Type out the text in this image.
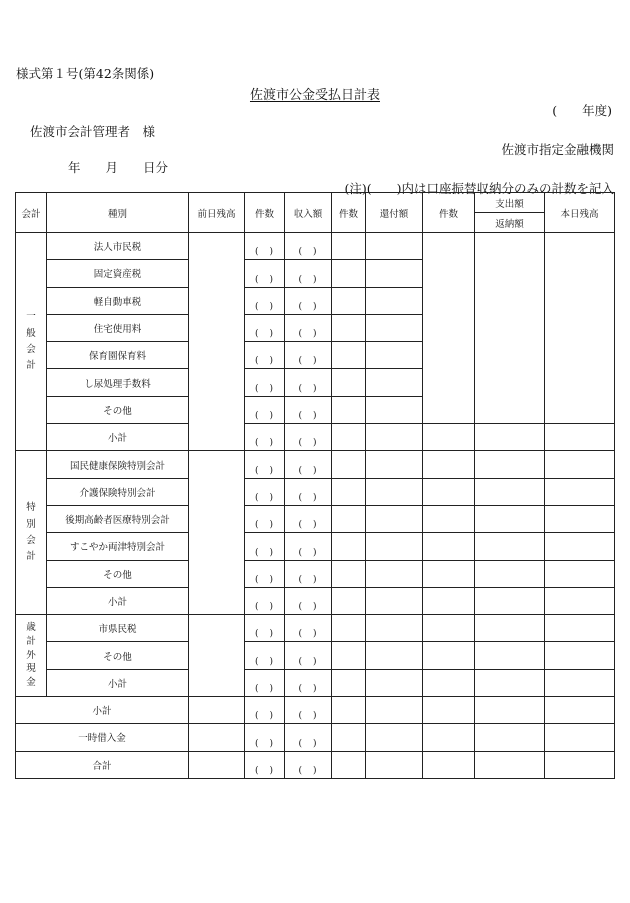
様式第１号(第42条関係)
佐渡市公金受払日計表
(　　年度)
佐渡市会計管理者　様
佐渡市指定金融機関
年　　月　　日分
(注)(　　)内は口座振替収納分のみの計数を記入
会計	種別	前日残高	件数	収入額	件数	還付額	件数	支出額	本日残高
								返納額	

一
般
会
計	法人市民税		(　)	(　)					
	固定資産税		(　)	(　)					
	軽自動車税		(　)	(　)					
	住宅使用料		(　)	(　)					
	保育園保育料		(　)	(　)					
	し尿処理手数料		(　)	(　)					
	その他		(　)	(　)					
	小計		(　)	(　)					

特
別
会
計	国民健康保険特別会計		(　)	(　)					
	介護保険特別会計		(　)	(　)					
	後期高齢者医療特別会計		(　)	(　)					
	すこやか両津特別会計		(　)	(　)					
	その他		(　)	(　)					
	小計		(　)	(　)					

歳
計
外
現
金	市県民税		(　)	(　)					
	その他		(　)	(　)					
	小計		(　)	(　)					
小計			(　)	(　)					
一時借入金			(　)	(　)					
合計			(　)	(　)					
